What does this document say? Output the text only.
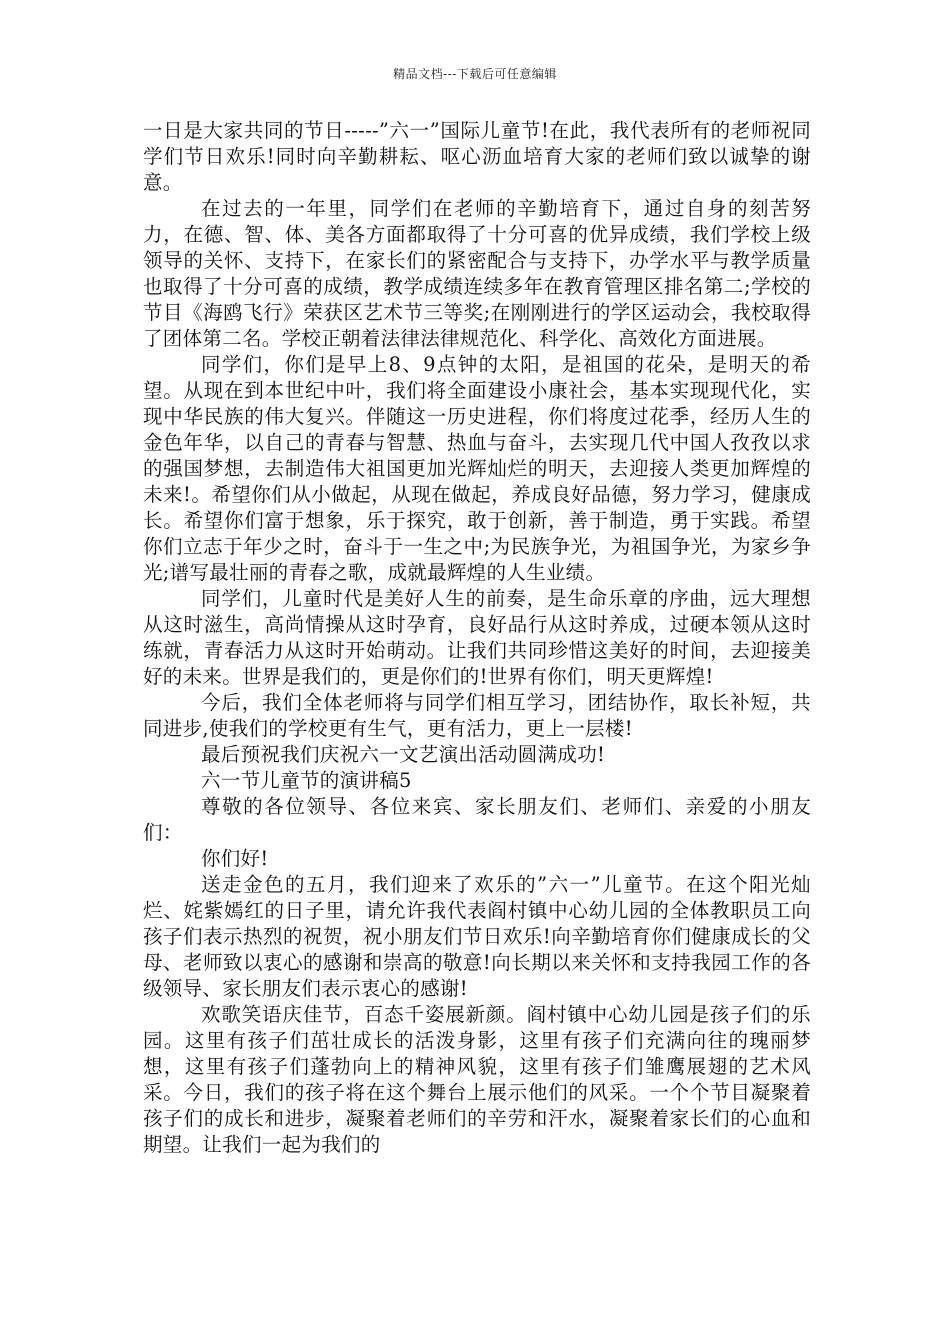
精品文档---下载后可任意编辑

一日是大家共同的节日-----”六一”国际儿童节!在此，我代表所有的老师祝同学们节日欢乐!同时向辛勤耕耘、呕心沥血培育大家的老师们致以诚挚的谢意。

在过去的一年里，同学们在老师的辛勤培育下，通过自身的刻苦努力，在德、智、体、美各方面都取得了十分可喜的优异成绩，我们学校上级领导的关怀、支持下，在家长们的紧密配合与支持下，办学水平与教学质量也取得了十分可喜的成绩，教学成绩连续多年在教育管理区排名第二;学校的节目《海鸥飞行》荣获区艺术节三等奖;在刚刚进行的学区运动会，我校取得了团体第二名。学校正朝着法律法律规范化、科学化、高效化方面进展。

同学们，你们是早上8、9点钟的太阳，是祖国的花朵，是明天的希望。从现在到本世纪中叶，我们将全面建设小康社会，基本实现现代化，实现中华民族的伟大复兴。伴随这一历史进程，你们将度过花季，经历人生的金色年华，以自己的青春与智慧、热血与奋斗，去实现几代中国人孜孜以求的强国梦想，去制造伟大祖国更加光辉灿烂的明天，去迎接人类更加辉煌的未来!。希望你们从小做起，从现在做起，养成良好品德，努力学习，健康成长。希望你们富于想象，乐于探究，敢于创新，善于制造，勇于实践。希望你们立志于年少之时，奋斗于一生之中;为民族争光，为祖国争光，为家乡争光;谱写最壮丽的青春之歌，成就最辉煌的人生业绩。

同学们，儿童时代是美好人生的前奏，是生命乐章的序曲，远大理想从这时滋生，高尚情操从这时孕育，良好品行从这时养成，过硬本领从这时练就，青春活力从这时开始萌动。让我们共同珍惜这美好的时间，去迎接美好的未来。世界是我们的，更是你们的!世界有你们，明天更辉煌!

今后，我们全体老师将与同学们相互学习，团结协作，取长补短，共同进步,使我们的学校更有生气，更有活力，更上一层楼!

最后预祝我们庆祝六一文艺演出活动圆满成功!

六一节儿童节的演讲稿5

尊敬的各位领导、各位来宾、家长朋友们、老师们、亲爱的小朋友们：

你们好!

送走金色的五月，我们迎来了欢乐的”六一”儿童节。在这个阳光灿烂、姹紫嫣红的日子里，请允许我代表阎村镇中心幼儿园的全体教职员工向孩子们表示热烈的祝贺，祝小朋友们节日欢乐!向辛勤培育你们健康成长的父母、老师致以衷心的感谢和崇高的敬意!向长期以来关怀和支持我园工作的各级领导、家长朋友们表示衷心的感谢!

欢歌笑语庆佳节，百态千姿展新颜。阎村镇中心幼儿园是孩子们的乐园。这里有孩子们茁壮成长的活泼身影，这里有孩子们充满向往的瑰丽梦想，这里有孩子们蓬勃向上的精神风貌，这里有孩子们雏鹰展翅的艺术风采。今日，我们的孩子将在这个舞台上展示他们的风采。一个个节目凝聚着孩子们的成长和进步，凝聚着老师们的辛劳和汗水，凝聚着家长们的心血和期望。让我们一起为我们的
